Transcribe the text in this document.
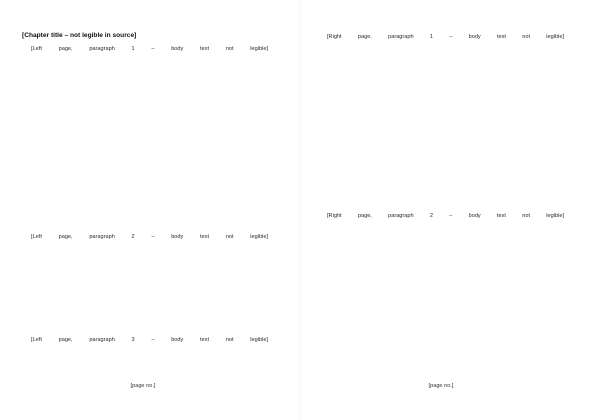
[Chapter title – not legible in source]
[Left page, paragraph 1 – body text not legible]

[Left page, paragraph 2 – body text not legible]

[Left page, paragraph 3 – body text not legible]

[page no.]
[Right page, paragraph 1 – body text not legible]

[Right page, paragraph 2 – body text not legible]

[page no.]
